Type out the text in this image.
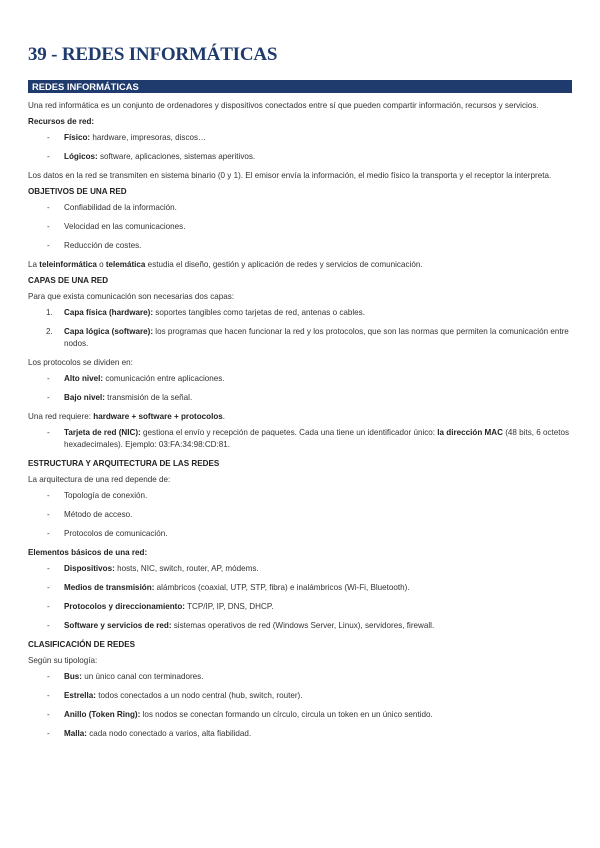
39 - REDES INFORMÁTICAS
REDES INFORMÁTICAS

Una red informática es un conjunto de ordenadores y dispositivos conectados entre sí que pueden compartir información, recursos y servicios.

Recursos de red:

-	Físico: hardware, impresoras, discos…
-	Lógicos: software, aplicaciones, sistemas aperitivos.

Los datos en la red se transmiten en sistema binario (0 y 1). El emisor envía la información, el medio físico la transporta y el receptor la interpreta.

OBJETIVOS DE UNA RED

-	Confiabilidad de la información.
-	Velocidad en las comunicaciones.
-	Reducción de costes.

La teleinformática o telemática estudia el diseño, gestión y aplicación de redes y servicios de comunicación.

CAPAS DE UNA RED

Para que exista comunicación son necesarias dos capas:

1.	Capa física (hardware): soportes tangibles como tarjetas de red, antenas o cables.
2.	Capa lógica (software): los programas que hacen funcionar la red y los protocolos, que son las normas que permiten la comunicación entre nodos.

Los protocolos se dividen en:

-	Alto nivel: comunicación entre aplicaciones.
-	Bajo nivel: transmisión de la señal.

Una red requiere: hardware + software + protocolos.

-	Tarjeta de red (NIC): gestiona el envío y recepción de paquetes. Cada una tiene un identificador único: la dirección MAC (48 bits, 6 octetos hexadecimales). Ejemplo: 03:FA:34:98:CD:81.

ESTRUCTURA Y ARQUITECTURA DE LAS REDES

La arquitectura de una red depende de:

-	Topología de conexión.
-	Método de acceso.
-	Protocolos de comunicación.

Elementos básicos de una red:

-	Dispositivos: hosts, NIC, switch, router, AP, módems.
-	Medios de transmisión: alámbricos (coaxial, UTP, STP, fibra) e inalámbricos (Wi-Fi, Bluetooth).
-	Protocolos y direccionamiento: TCP/IP, IP, DNS, DHCP.
-	Software y servicios de red: sistemas operativos de red (Windows Server, Linux), servidores, firewall.

CLASIFICACIÓN DE REDES

Según su tipología:

-	Bus: un único canal con terminadores.
-	Estrella: todos conectados a un nodo central (hub, switch, router).
-	Anillo (Token Ring): los nodos se conectan formando un círculo, circula un token en un único sentido.
-	Malla: cada nodo conectado a varios, alta fiabilidad.
